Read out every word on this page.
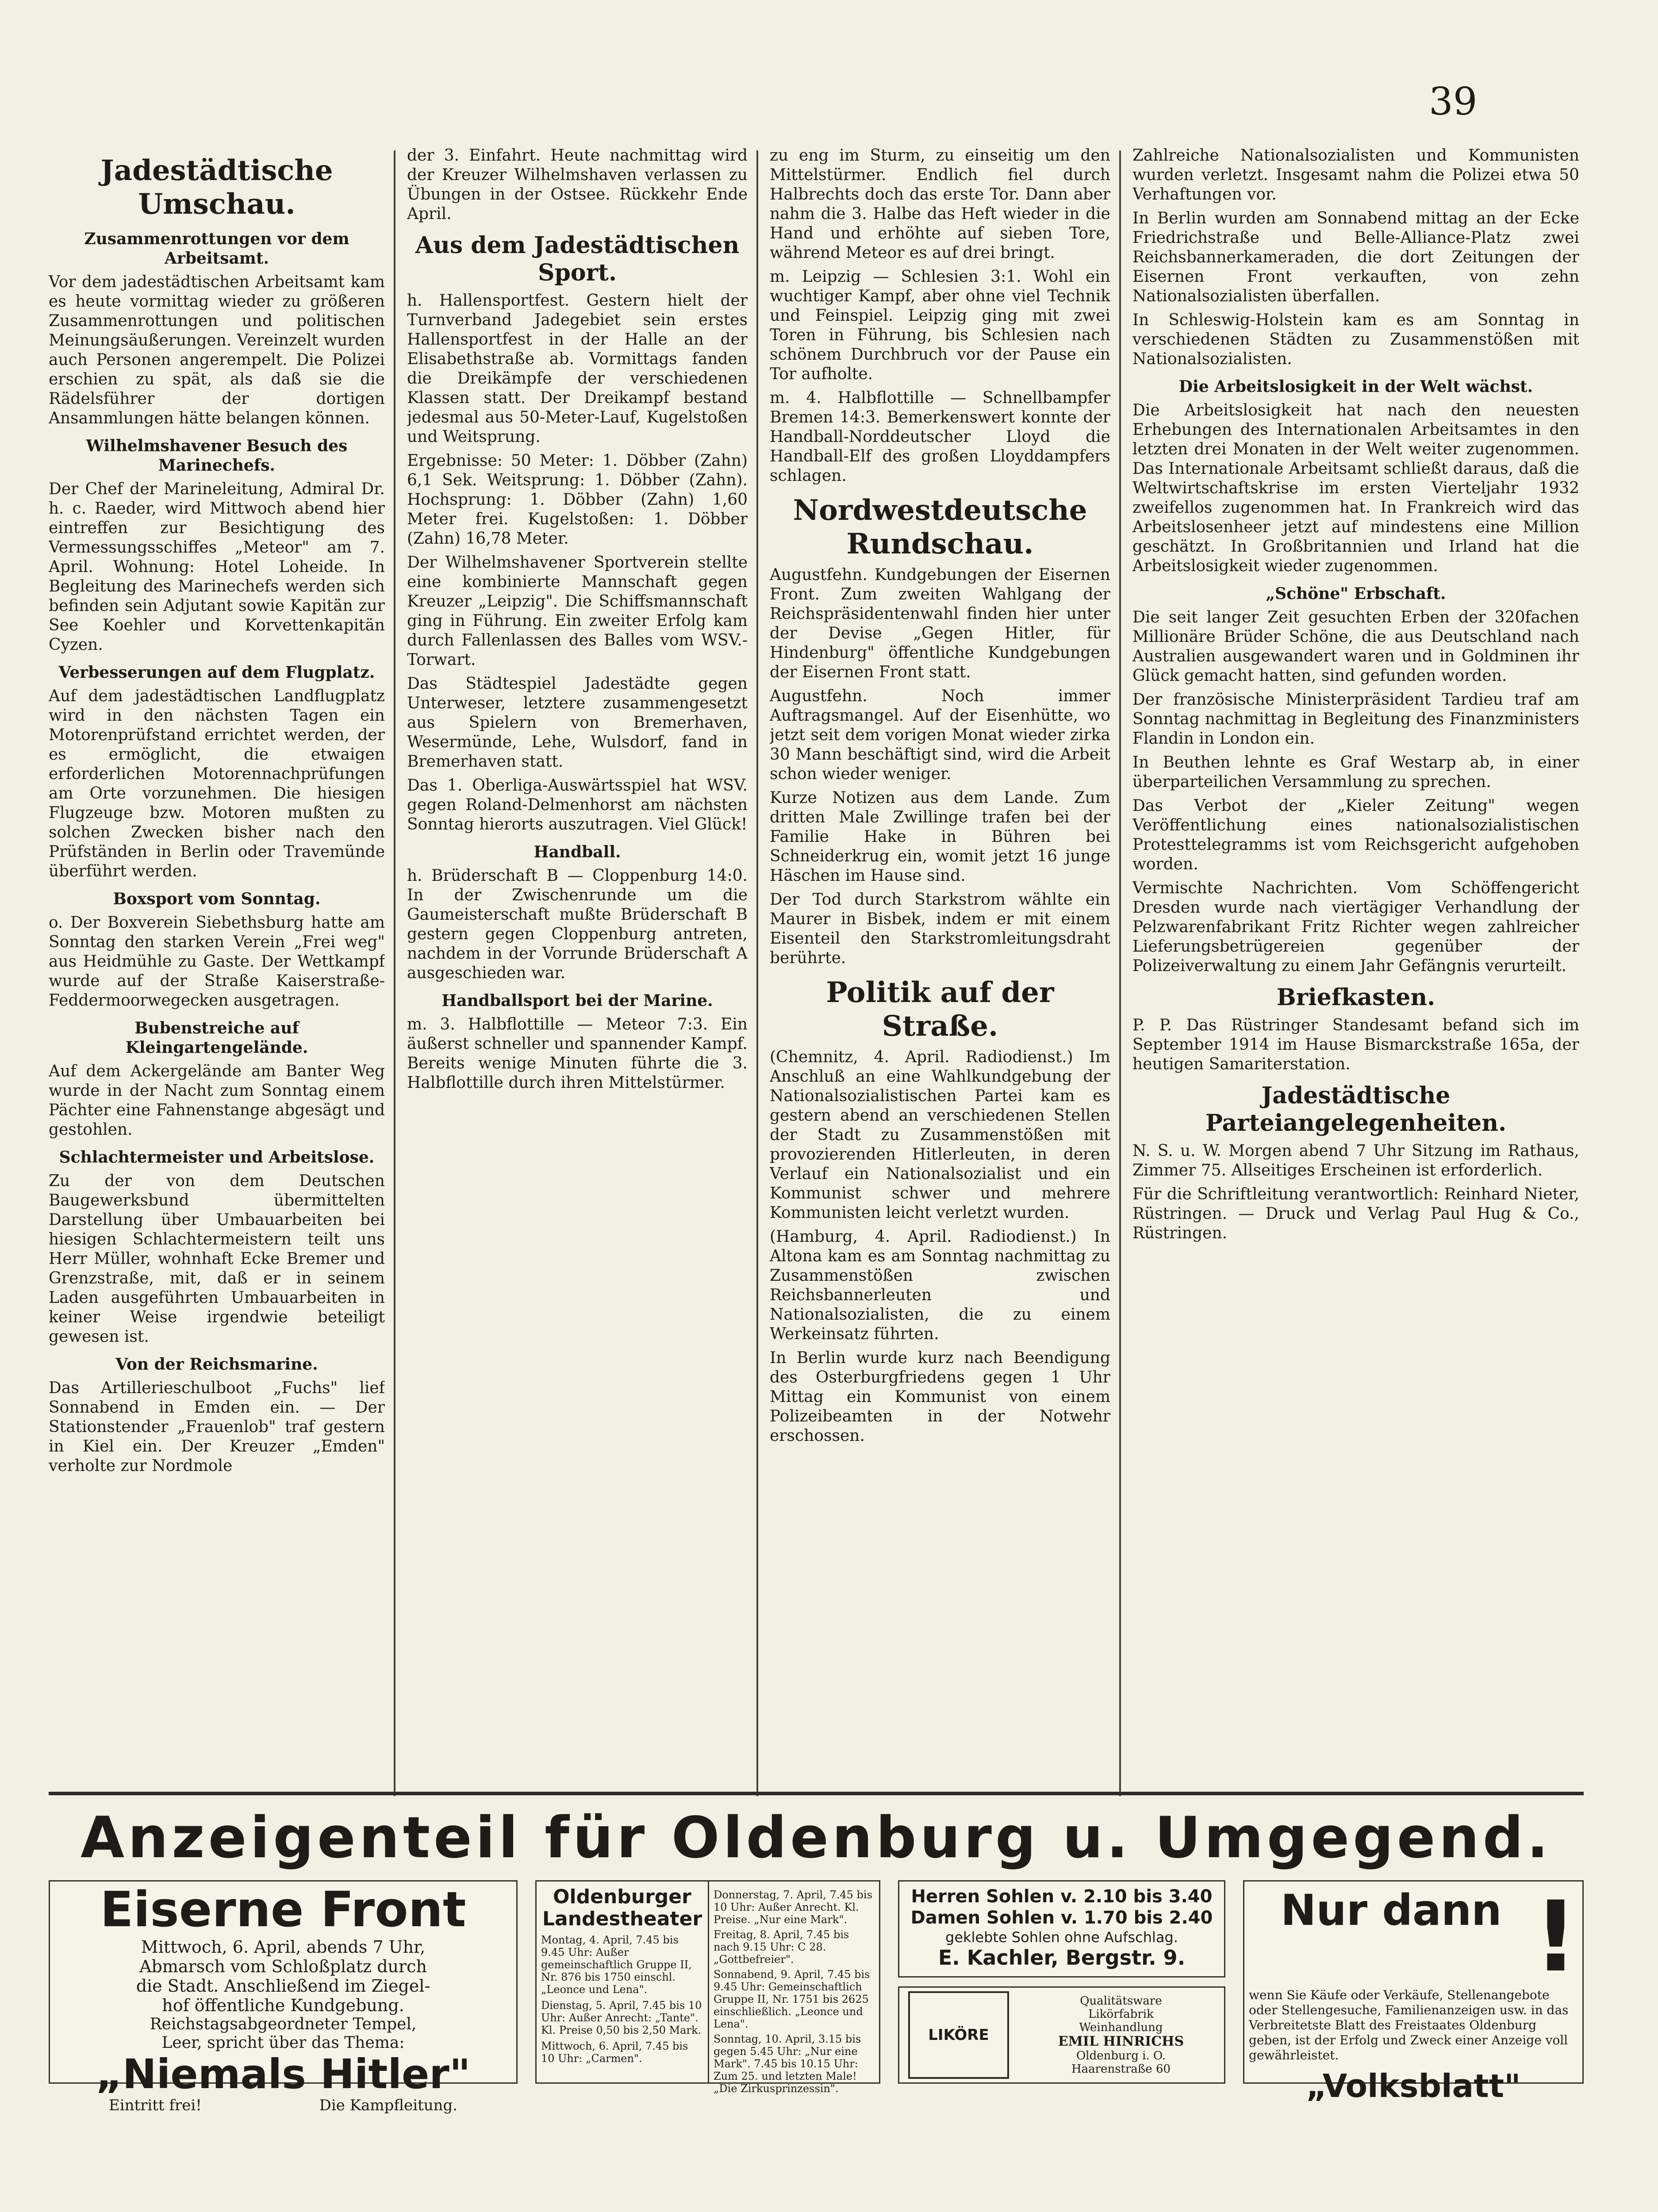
39

Jadestädtische Umschau.

Zusammenrottungen vor dem Arbeitsamt.

Vor dem jadestädtischen Arbeitsamt kam es heute vormittag wieder zu größeren Zusammenrottungen und politischen Meinungsäußerungen. Vereinzelt wurden auch Personen angerempelt. Die Polizei erschien zu spät, als daß sie die Rädelsführer der dortigen Ansammlungen hätte belangen können.

Wilhelmshavener Besuch des Marinechefs.

Der Chef der Marineleitung, Admiral Dr. h. c. Raeder, wird Mittwoch abend hier eintreffen zur Besichtigung des Vermessungsschiffes „Meteor" am 7. April. Wohnung: Hotel Loheide. In Begleitung des Marinechefs werden sich befinden sein Adjutant sowie Kapitän zur See Koehler und Korvettenkapitän Cyzen.

Verbesserungen auf dem Flugplatz.

Auf dem jadestädtischen Landflugplatz wird in den nächsten Tagen ein Motorenprüfstand errichtet werden, der es ermöglicht, die etwaigen erforderlichen Motorennachprüfungen am Orte vorzunehmen. Die hiesigen Flugzeuge bzw. Motoren mußten zu solchen Zwecken bisher nach den Prüfständen in Berlin oder Travemünde überführt werden.

Boxsport vom Sonntag.

o. Der Boxverein Siebethsburg hatte am Sonntag den starken Verein „Frei weg" aus Heidmühle zu Gaste. Der Wettkampf wurde auf der Straße Kaiserstraße-Feddermoorwegecken ausgetragen.

Bubenstreiche auf Kleingartengelände.

Auf dem Ackergelände am Banter Weg wurde in der Nacht zum Sonntag einem Pächter eine Fahnenstange abgesägt und gestohlen.

Schlachtermeister und Arbeitslose.

Zu der von dem Deutschen Baugewerksbund übermittelten Darstellung über Umbauarbeiten bei hiesigen Schlachtermeistern teilt uns Herr Müller, wohnhaft Ecke Bremer und Grenzstraße, mit, daß er in seinem Laden ausgeführten Umbauarbeiten in keiner Weise irgendwie beteiligt gewesen ist.

Von der Reichsmarine.

Das Artillerieschulboot „Fuchs" lief Sonnabend in Emden ein. — Der Stationstender „Frauenlob" traf gestern in Kiel ein. Der Kreuzer „Emden" verholte zur Nordmole

der 3. Einfahrt. Heute nachmittag wird der Kreuzer Wilhelmshaven verlassen zu Übungen in der Ostsee. Rückkehr Ende April.

Aus dem Jadestädtischen Sport.

h. Hallensportfest. Gestern hielt der Turnverband Jadegebiet sein erstes Hallensportfest in der Halle an der Elisabethstraße ab. Vormittags fanden die Dreikämpfe der verschiedenen Klassen statt. Der Dreikampf bestand jedesmal aus 50-Meter-Lauf, Kugelstoßen und Weitsprung.

Ergebnisse: 50 Meter: 1. Döbber (Zahn) 6,1 Sek. Weitsprung: 1. Döbber (Zahn). Hochsprung: 1. Döbber (Zahn) 1,60 Meter frei. Kugelstoßen: 1. Döbber (Zahn) 16,78 Meter.

Der Wilhelmshavener Sportverein stellte eine kombinierte Mannschaft gegen Kreuzer „Leipzig". Die Schiffsmannschaft ging in Führung. Ein zweiter Erfolg kam durch Fallenlassen des Balles vom WSV.-Torwart.

Das Städtespiel Jadestädte gegen Unterweser, letztere zusammengesetzt aus Spielern von Bremerhaven, Wesermünde, Lehe, Wulsdorf, fand in Bremerhaven statt.

Das 1. Oberliga-Auswärtsspiel hat WSV. gegen Roland-Delmenhorst am nächsten Sonntag hierorts auszutragen. Viel Glück!

Handball.

h. Brüderschaft B — Cloppenburg 14:0. In der Zwischenrunde um die Gaumeisterschaft mußte Brüderschaft B gestern gegen Cloppenburg antreten, nachdem in der Vorrunde Brüderschaft A ausgeschieden war.

Handballsport bei der Marine.

m. 3. Halbflottille — Meteor 7:3. Ein äußerst schneller und spannender Kampf. Bereits wenige Minuten führte die 3. Halbflottille durch ihren Mittelstürmer.

zu eng im Sturm, zu einseitig um den Mittelstürmer. Endlich fiel durch Halbrechts doch das erste Tor. Dann aber nahm die 3. Halbe das Heft wieder in die Hand und erhöhte auf sieben Tore, während Meteor es auf drei bringt.

m. Leipzig — Schlesien 3:1. Wohl ein wuchtiger Kampf, aber ohne viel Technik und Feinspiel. Leipzig ging mit zwei Toren in Führung, bis Schlesien nach schönem Durchbruch vor der Pause ein Tor aufholte.

m. 4. Halbflottille — Schnellbampfer Bremen 14:3. Bemerkenswert konnte der Handball-Norddeutscher Lloyd die Handball-Elf des großen Lloyddampfers schlagen.

Nordwestdeutsche Rundschau.

Augustfehn. Kundgebungen der Eisernen Front. Zum zweiten Wahlgang der Reichspräsidentenwahl finden hier unter der Devise „Gegen Hitler, für Hindenburg" öffentliche Kundgebungen der Eisernen Front statt.

Augustfehn. Noch immer Auftragsmangel. Auf der Eisenhütte, wo jetzt seit dem vorigen Monat wieder zirka 30 Mann beschäftigt sind, wird die Arbeit schon wieder weniger.

Kurze Notizen aus dem Lande. Zum dritten Male Zwillinge trafen bei der Familie Hake in Bühren bei Schneiderkrug ein, womit jetzt 16 junge Häschen im Hause sind.

Der Tod durch Starkstrom wählte ein Maurer in Bisbek, indem er mit einem Eisenteil den Starkstromleitungsdraht berührte.

Politik auf der Straße.

(Chemnitz, 4. April. Radiodienst.) Im Anschluß an eine Wahlkundgebung der Nationalsozialistischen Partei kam es gestern abend an verschiedenen Stellen der Stadt zu Zusammenstößen mit provozierenden Hitlerleuten, in deren Verlauf ein Nationalsozialist und ein Kommunist schwer und mehrere Kommunisten leicht verletzt wurden.

(Hamburg, 4. April. Radiodienst.) In Altona kam es am Sonntag nachmittag zu Zusammenstößen zwischen Reichsbannerleuten und Nationalsozialisten, die zu einem Werkeinsatz führten.

In Berlin wurde kurz nach Beendigung des Osterburgfriedens gegen 1 Uhr Mittag ein Kommunist von einem Polizeibeamten in der Notwehr erschossen.

Zahlreiche Nationalsozialisten und Kommunisten wurden verletzt. Insgesamt nahm die Polizei etwa 50 Verhaftungen vor.

In Berlin wurden am Sonnabend mittag an der Ecke Friedrichstraße und Belle-Alliance-Platz zwei Reichsbannerkameraden, die dort Zeitungen der Eisernen Front verkauften, von zehn Nationalsozialisten überfallen.

In Schleswig-Holstein kam es am Sonntag in verschiedenen Städten zu Zusammenstößen mit Nationalsozialisten.

Die Arbeitslosigkeit in der Welt wächst.

Die Arbeitslosigkeit hat nach den neuesten Erhebungen des Internationalen Arbeitsamtes in den letzten drei Monaten in der Welt weiter zugenommen. Das Internationale Arbeitsamt schließt daraus, daß die Weltwirtschaftskrise im ersten Vierteljahr 1932 zweifellos zugenommen hat. In Frankreich wird das Arbeitslosenheer jetzt auf mindestens eine Million geschätzt. In Großbritannien und Irland hat die Arbeitslosigkeit wieder zugenommen.

„Schöne" Erbschaft.

Die seit langer Zeit gesuchten Erben der 320fachen Millionäre Brüder Schöne, die aus Deutschland nach Australien ausgewandert waren und in Goldminen ihr Glück gemacht hatten, sind gefunden worden.

Der französische Ministerpräsident Tardieu traf am Sonntag nachmittag in Begleitung des Finanzministers Flandin in London ein.

In Beuthen lehnte es Graf Westarp ab, in einer überparteilichen Versammlung zu sprechen.

Das Verbot der „Kieler Zeitung" wegen Veröffentlichung eines nationalsozialistischen Protesttelegramms ist vom Reichsgericht aufgehoben worden.

Vermischte Nachrichten. Vom Schöffengericht Dresden wurde nach viertägiger Verhandlung der Pelzwarenfabrikant Fritz Richter wegen zahlreicher Lieferungsbetrügereien gegenüber der Polizeiverwaltung zu einem Jahr Gefängnis verurteilt.

Briefkasten.

P. P. Das Rüstringer Standesamt befand sich im September 1914 im Hause Bismarckstraße 165a, der heutigen Samariterstation.

Jadestädtische Parteiangelegenheiten.

N. S. u. W. Morgen abend 7 Uhr Sitzung im Rathaus, Zimmer 75. Allseitiges Erscheinen ist erforderlich.

Für die Schriftleitung verantwortlich: Reinhard Nieter, Rüstringen. — Druck und Verlag Paul Hug & Co., Rüstringen.

Anzeigenteil für Oldenburg u. Umgegend.
Eiserne Front
Mittwoch, 6. April, abends 7 Uhr,
Abmarsch vom Schloßplatz durch
die Stadt. Anschließend im Ziegel-
hof öffentliche Kundgebung.
Reichstagsabgeordneter Tempel,
Leer, spricht über das Thema:
„Niemals Hitler"
Eintritt frei!	Die Kampfleitung.
Oldenburger Landestheater

Montag, 4. April, 7.45 bis 9.45 Uhr: Außer gemeinschaftlich Gruppe II, Nr. 876 bis 1750 einschl. „Leonce und Lena".

Dienstag, 5. April, 7.45 bis 10 Uhr: Außer Anrecht: „Tante". Kl. Preise 0,50 bis 2,50 Mark.

Mittwoch, 6. April, 7.45 bis 10 Uhr: „Carmen".

Donnerstag, 7. April, 7.45 bis 10 Uhr: Außer Anrecht. Kl. Preise. „Nur eine Mark".

Freitag, 8. April, 7.45 bis nach 9.15 Uhr: C 28. „Gottbefreier".

Sonnabend, 9. April, 7.45 bis 9.45 Uhr: Gemeinschaftlich Gruppe II, Nr. 1751 bis 2625 einschließlich. „Leonce und Lena".

Sonntag, 10. April, 3.15 bis gegen 5.45 Uhr: „Nur eine Mark". 7.45 bis 10.15 Uhr: Zum 25. und letzten Male! „Die Zirkusprinzessin".

Herren Sohlen v. 2.10 bis 3.40
Damen Sohlen v. 1.70 bis 2.40
geklebte Sohlen ohne Aufschlag.
E. Kachler, Bergstr. 9.
LIKÖRE
Qualitätsware
Likörfabrik
Weinhandlung
EMIL HINRICHS
Oldenburg i. O.
Haarenstraße 60
Nur dann !

wenn Sie Käufe oder Verkäufe, Stellenangebote oder Stellengesuche, Familienanzeigen usw. in das Verbreitetste Blatt des Freistaates Oldenburg geben, ist der Erfolg und Zweck einer Anzeige voll gewährleistet.

„Volksblatt"
